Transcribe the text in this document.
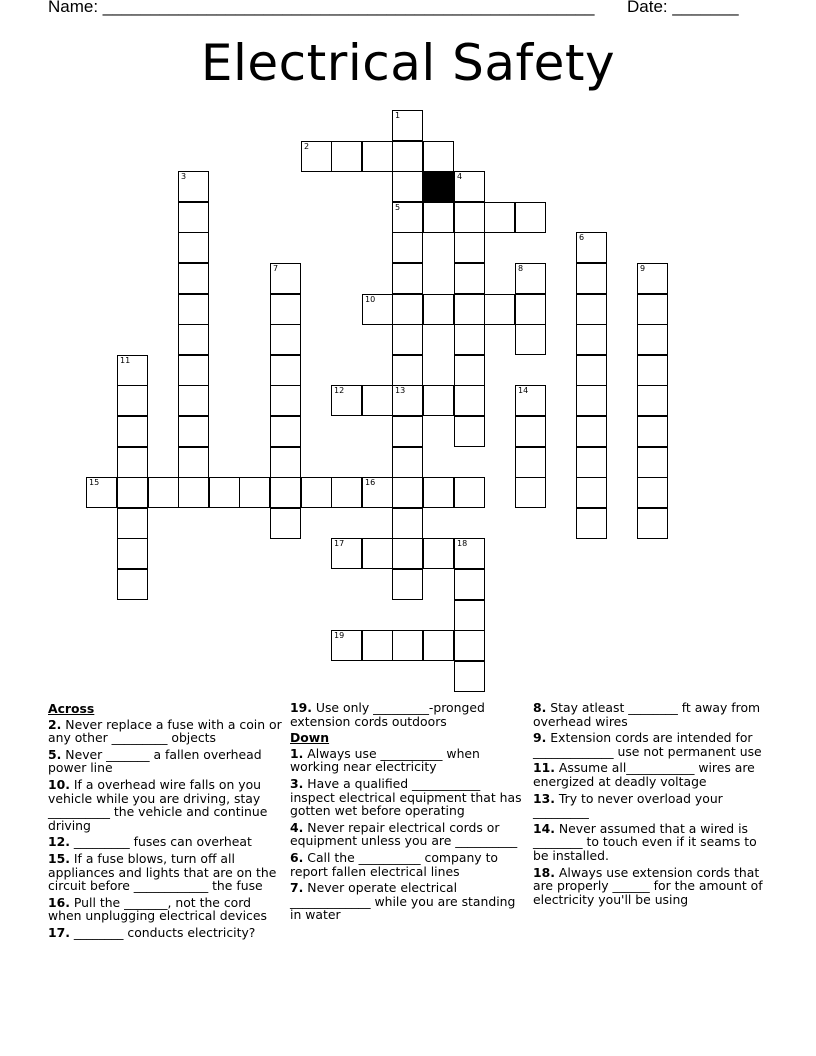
Name: ____________________________________________________ Date: _______
Electrical Safety
1
5
13
2
3	4
6
7	8	9
10
11
12	14
15	16
17	18
19
Across
2. Never replace a fuse with a coin or any other _________ objects
5. Never _______ a fallen overhead power line
10. If a overhead wire falls on you vehicle while you are driving, stay __________ the vehicle and continue driving
12. _________ fuses can overheat
15. If a fuse blows, turn off all appliances and lights that are on the circuit before ____________ the fuse
16. Pull the _______, not the cord when unplugging electrical devices
17. ________ conducts electricity?
19. Use only _________-pronged extension cords outdoors
Down
1. Always use __________ when working near electricity
3. Have a qualified ___________ inspect electrical equipment that has gotten wet before operating
4. Never repair electrical cords or equipment unless you are __________
6. Call the __________ company to report fallen electrical lines
7. Never operate electrical _____________ while you are standing in water
8. Stay atleast ________ ft away from overhead wires
9. Extension cords are intended for _____________ use not permanent use
11. Assume all___________ wires are energized at deadly voltage
13. Try to never overload your _________
14. Never assumed that a wired is ________ to touch even if it seams to be installed.
18. Always use extension cords that are properly ______ for the amount of electricity you'll be using
